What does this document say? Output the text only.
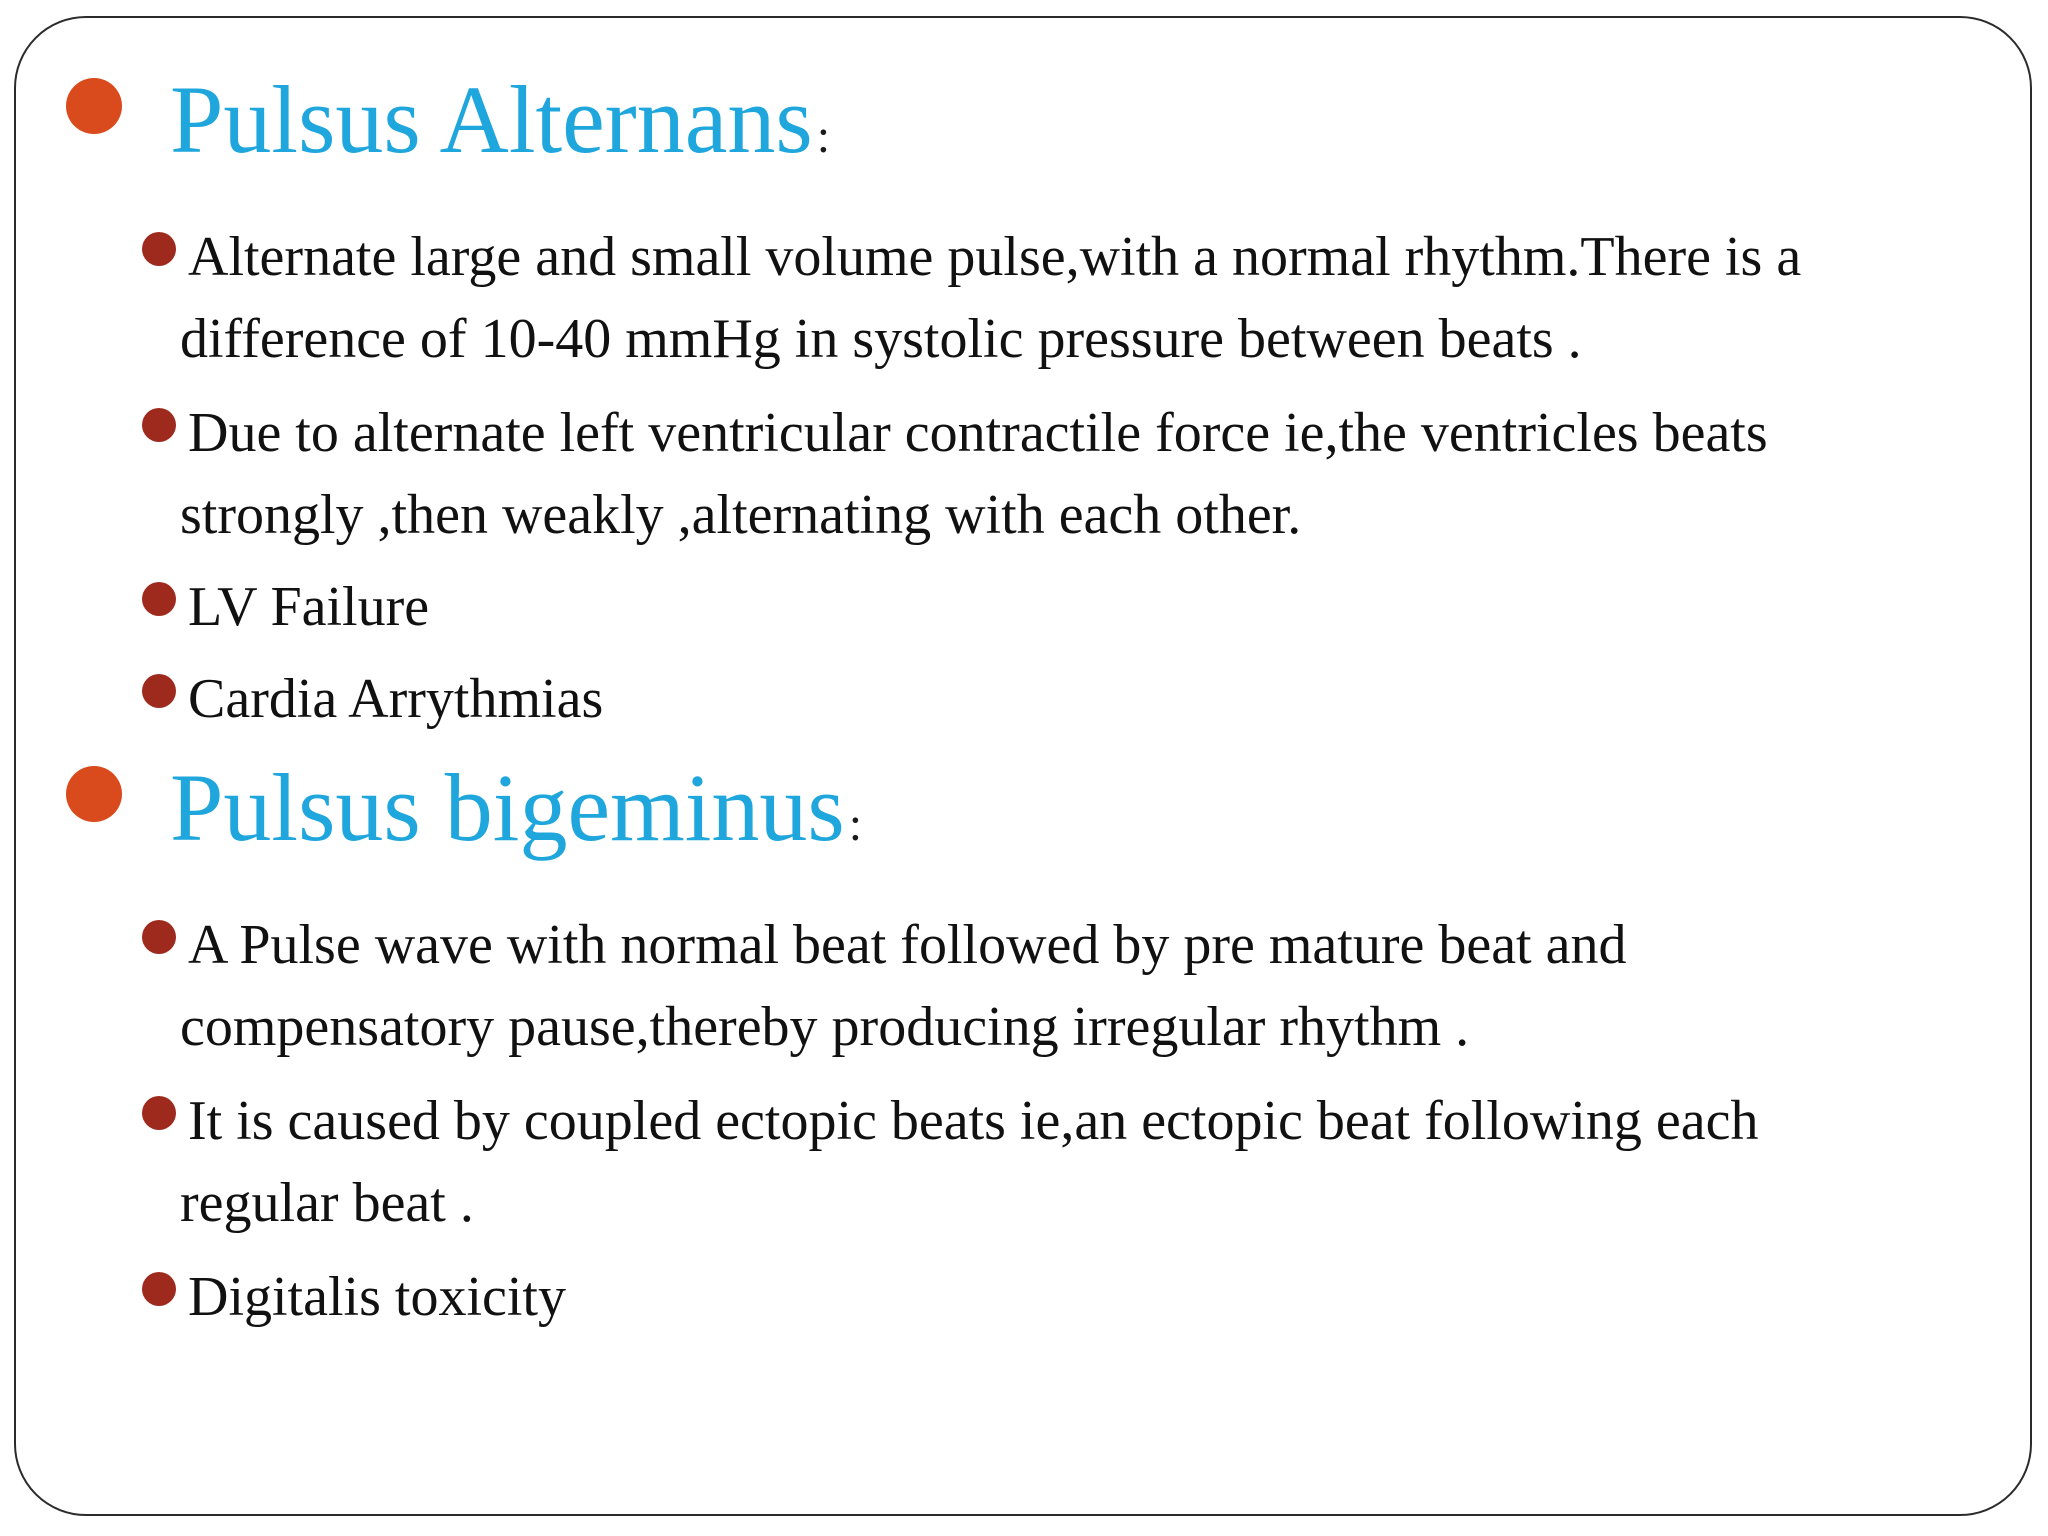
Pulsus Alternans:
Alternate large and small volume pulse,with a normal rhythm.There is a
difference of 10-40 mmHg in systolic pressure between beats .
Due to alternate left ventricular contractile force ie,the ventricles beats
strongly ,then weakly ,alternating with each other.
LV Failure
Cardia Arrythmias
Pulsus bigeminus:
A Pulse wave with normal beat followed by pre mature beat and
compensatory pause,thereby producing irregular rhythm .
It is caused by coupled ectopic beats ie,an ectopic beat following each
regular beat .
Digitalis toxicity
